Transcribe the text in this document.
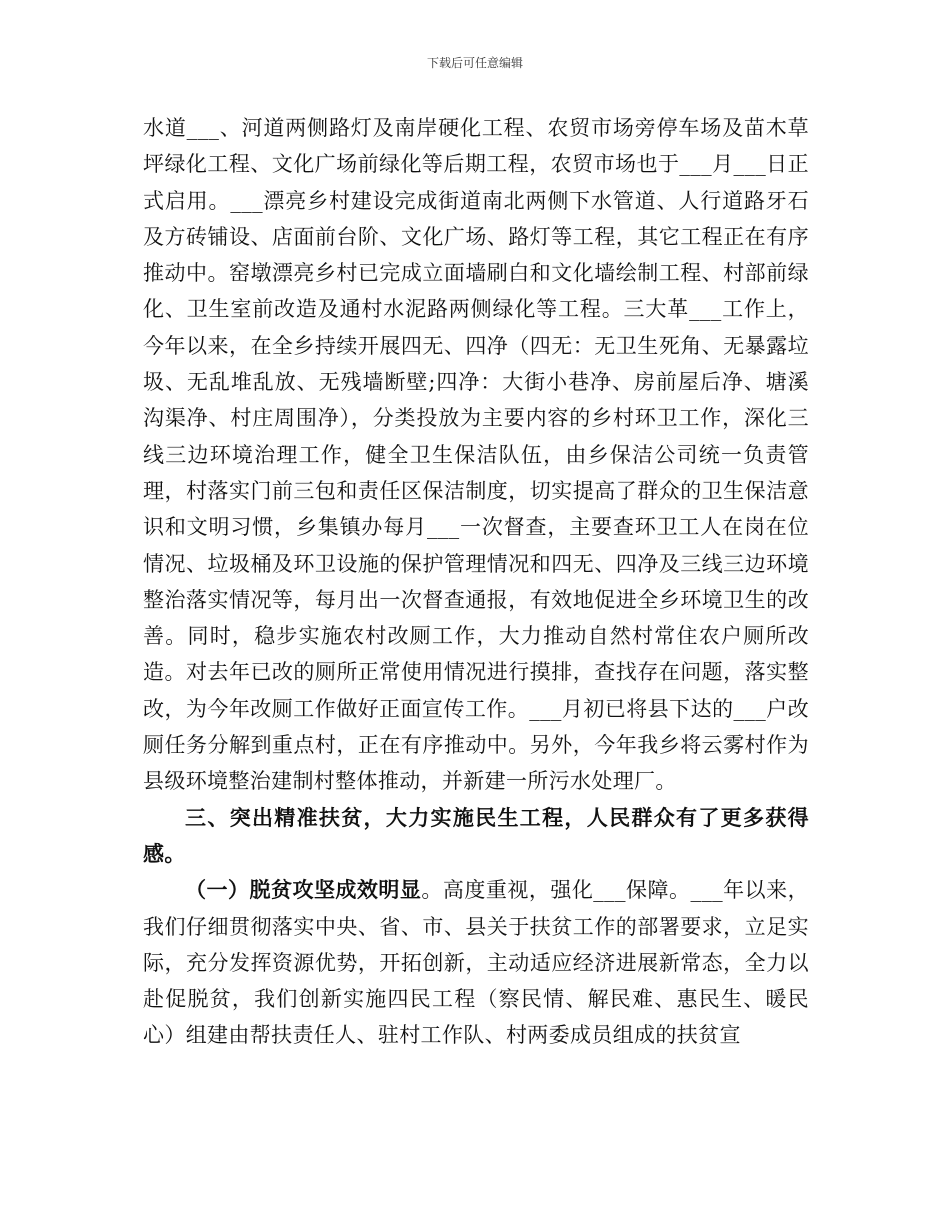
下载后可任意编辑

水道___、河道两侧路灯及南岸硬化工程、农贸市场旁停车场及苗木草坪绿化工程、文化广场前绿化等后期工程，农贸市场也于___月___日正式启用。___漂亮乡村建设完成街道南北两侧下水管道、人行道路牙石及方砖铺设、店面前台阶、文化广场、路灯等工程，其它工程正在有序推动中。窑墩漂亮乡村已完成立面墙刷白和文化墙绘制工程、村部前绿化、卫生室前改造及通村水泥路两侧绿化等工程。三大革___工作上，今年以来，在全乡持续开展四无、四净（四无：无卫生死角、无暴露垃圾、无乱堆乱放、无残墙断壁;四净：大街小巷净、房前屋后净、塘溪沟渠净、村庄周围净），分类投放为主要内容的乡村环卫工作，深化三线三边环境治理工作，健全卫生保洁队伍，由乡保洁公司统一负责管理，村落实门前三包和责任区保洁制度，切实提高了群众的卫生保洁意识和文明习惯，乡集镇办每月___一次督查，主要查环卫工人在岗在位情况、垃圾桶及环卫设施的保护管理情况和四无、四净及三线三边环境整治落实情况等，每月出一次督查通报，有效地促进全乡环境卫生的改善。同时，稳步实施农村改厕工作，大力推动自然村常住农户厕所改造。对去年已改的厕所正常使用情况进行摸排，查找存在问题，落实整改，为今年改厕工作做好正面宣传工作。___月初已将县下达的___户改厕任务分解到重点村，正在有序推动中。另外，今年我乡将云雾村作为县级环境整治建制村整体推动，并新建一所污水处理厂。

三、突出精准扶贫，大力实施民生工程，人民群众有了更多获得感。

（一）脱贫攻坚成效明显。高度重视，强化___保障。___年以来，我们仔细贯彻落实中央、省、市、县关于扶贫工作的部署要求，立足实际，充分发挥资源优势，开拓创新，主动适应经济进展新常态，全力以赴促脱贫，我们创新实施四民工程（察民情、解民难、惠民生、暖民心）组建由帮扶责任人、驻村工作队、村两委成员组成的扶贫宣
